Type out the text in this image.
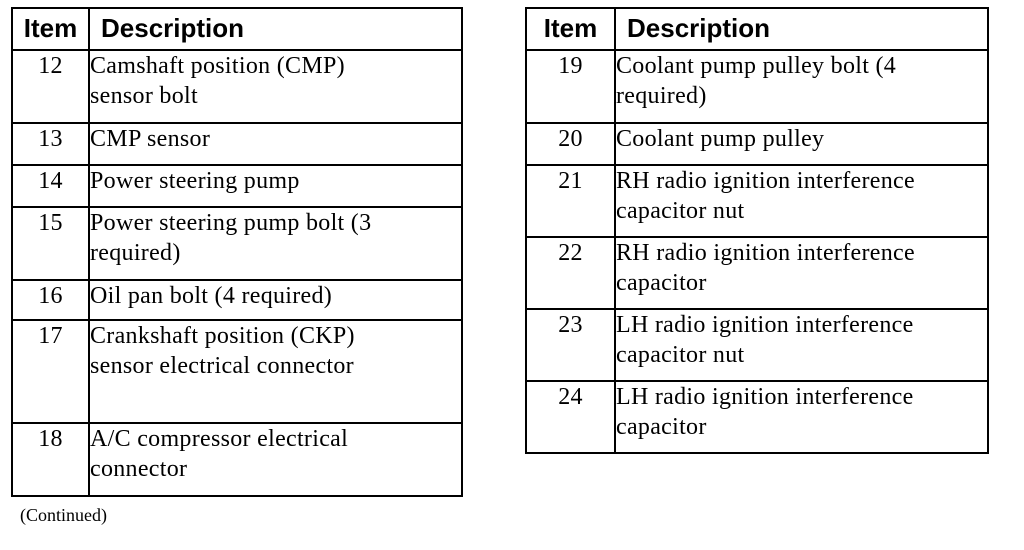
Item	Description
12	Camshaft position (CMP)
sensor bolt

13	CMP sensor

14	Power steering pump

15	Power steering pump bolt (3
required)

16	Oil pan bolt (4 required)

17	Crankshaft position (CKP)
sensor electrical connector

18	A/C compressor electrical
connector
Item	Description
19	Coolant pump pulley bolt (4
required)

20	Coolant pump pulley

21	RH radio ignition interference
capacitor nut

22	RH radio ignition interference
capacitor

23	LH radio ignition interference
capacitor nut

24	LH radio ignition interference
capacitor
(Continued)
